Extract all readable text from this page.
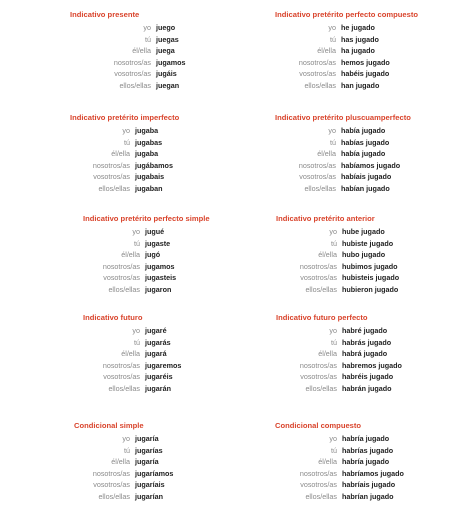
Indicativo presente
yo juego
tú juegas
él/ella juega
nosotros/as jugamos
vosotros/as jugáis
ellos/ellas juegan
Indicativo pretérito perfecto compuesto
yo he jugado
tú has jugado
él/ella ha jugado
nosotros/as hemos jugado
vosotros/as habéis jugado
ellos/ellas han jugado
Indicativo pretérito imperfecto
yo jugaba
tú jugabas
él/ella jugaba
nosotros/as jugábamos
vosotros/as jugabais
ellos/ellas jugaban
Indicativo pretérito pluscuamperfecto
yo había jugado
tú habías jugado
él/ella había jugado
nosotros/as habíamos jugado
vosotros/as habíais jugado
ellos/ellas habían jugado
Indicativo pretérito perfecto simple
yo jugué
tú jugaste
él/ella jugó
nosotros/as jugamos
vosotros/as jugasteis
ellos/ellas jugaron
Indicativo pretérito anterior
yo hube jugado
tú hubiste jugado
él/ella hubo jugado
nosotros/as hubimos jugado
vosotros/as hubisteis jugado
ellos/ellas hubieron jugado
Indicativo futuro
yo jugaré
tú jugarás
él/ella jugará
nosotros/as jugaremos
vosotros/as jugaréis
ellos/ellas jugarán
Indicativo futuro perfecto
yo habré jugado
tú habrás jugado
él/ella habrá jugado
nosotros/as habremos jugado
vosotros/as habréis jugado
ellos/ellas habrán jugado
Condicional simple
yo jugaría
tú jugarías
él/ella jugaría
nosotros/as jugaríamos
vosotros/as jugaríais
ellos/ellas jugarían
Condicional compuesto
yo habría jugado
tú habrías jugado
él/ella habría jugado
nosotros/as habríamos jugado
vosotros/as habríais jugado
ellos/ellas habrían jugado
